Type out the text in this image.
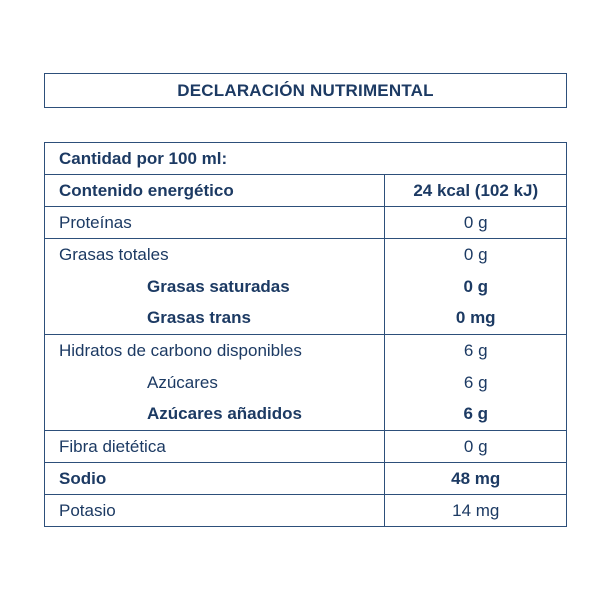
DECLARACIÓN NUTRIMENTAL
Cantidad por 100 ml:	
Contenido energético	24 kcal (102 kJ)
Proteínas	0 g
Grasas totales	0 g
Grasas saturadas	0 g
Grasas trans	0 mg
Hidratos de carbono disponibles	6 g
Azúcares	6 g
Azúcares añadidos	6 g
Fibra dietética	0 g
Sodio	48 mg
Potasio	14 mg
